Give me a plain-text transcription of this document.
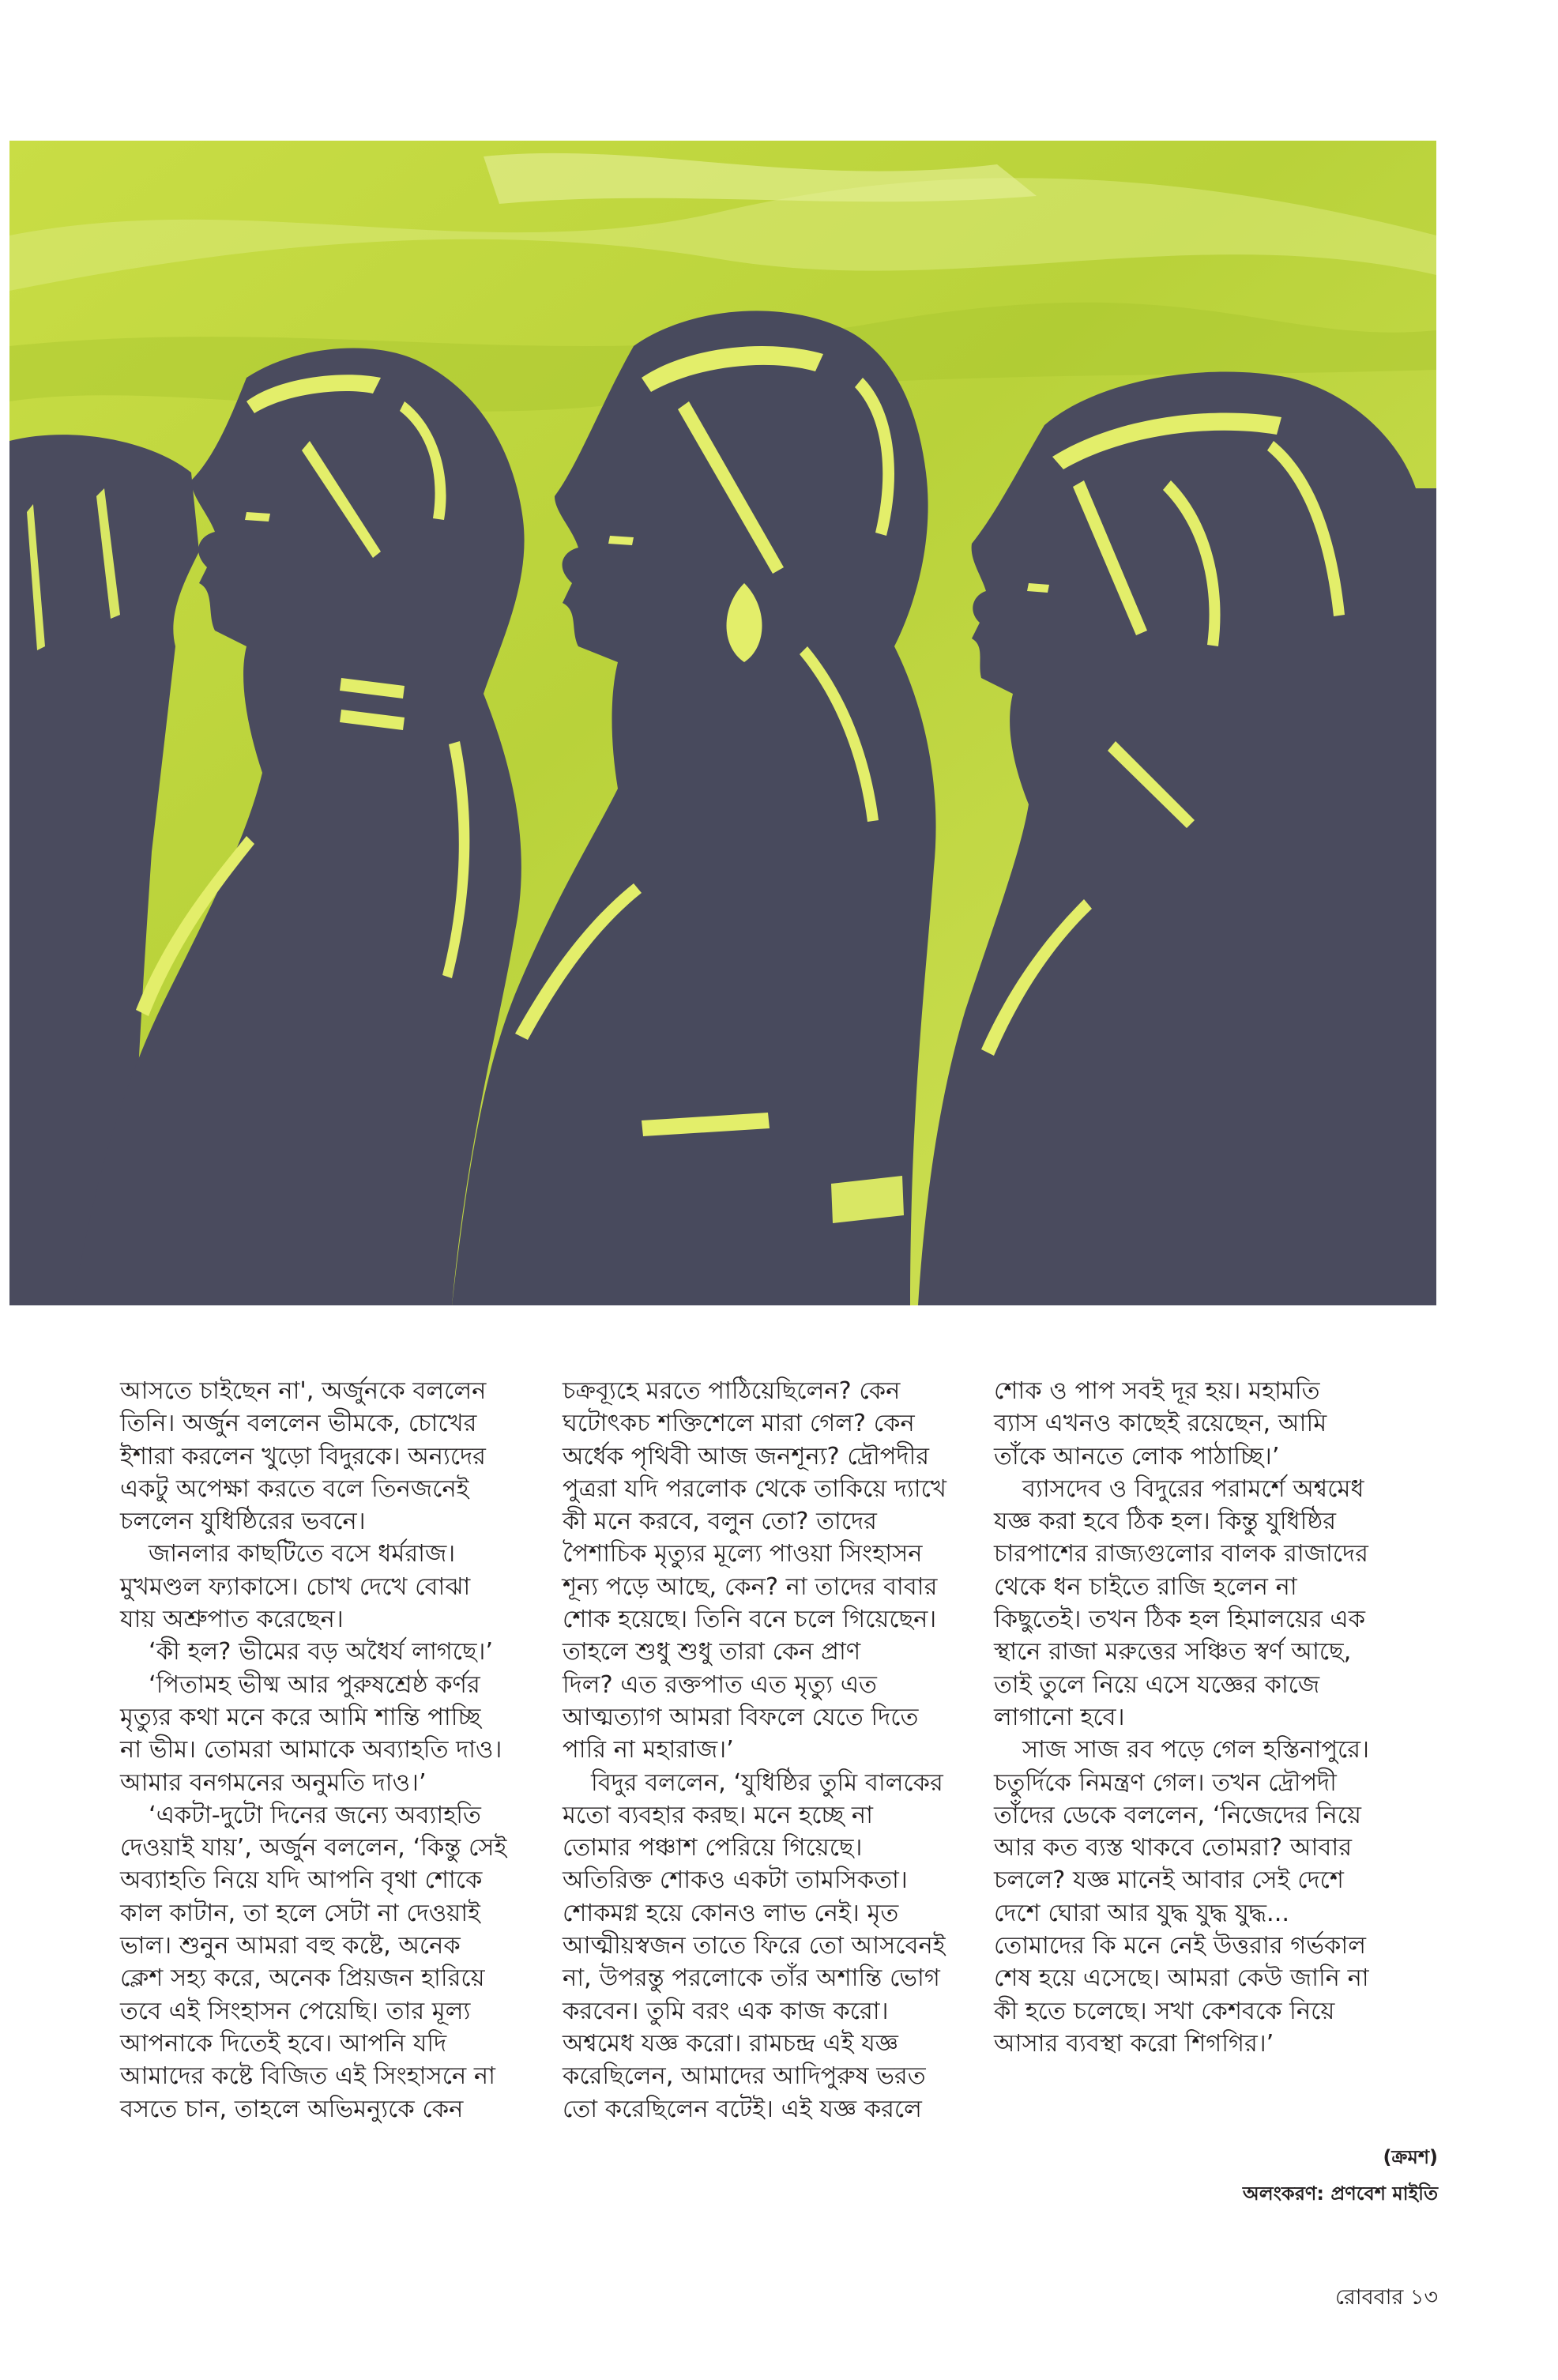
আসতে চাইছেন না', অর্জুনকে বললেন
তিনি। অর্জুন বললেন ভীমকে, চোখের
ইশারা করলেন খুড়ো বিদুরকে। অন্যদের
একটু অপেক্ষা করতে বলে তিনজনেই
চললেন যুধিষ্ঠিরের ভবনে।
জানলার কাছটিতে বসে ধর্মরাজ।
মুখমণ্ডল ফ্যাকাসে। চোখ দেখে বোঝা
যায় অশ্রুপাত করেছেন।
‘কী হল? ভীমের বড় অধৈর্য লাগছে।’
‘পিতামহ ভীষ্ম আর পুরুষশ্রেষ্ঠ কর্ণর
মৃত্যুর কথা মনে করে আমি শান্তি পাচ্ছি
না ভীম। তোমরা আমাকে অব্যাহতি দাও।
আমার বনগমনের অনুমতি দাও।’
‘একটা-দুটো দিনের জন্যে অব্যাহতি
দেওয়াই যায়’, অর্জুন বললেন, ‘কিন্তু সেই
অব্যাহতি নিয়ে যদি আপনি বৃথা শোকে
কাল কাটান, তা হলে সেটা না দেওয়াই
ভাল। শুনুন আমরা বহু কষ্টে, অনেক
ক্লেশ সহ্য করে, অনেক প্রিয়জন হারিয়ে
তবে এই সিংহাসন পেয়েছি। তার মূল্য
আপনাকে দিতেই হবে। আপনি যদি
আমাদের কষ্টে বিজিত এই সিংহাসনে না
বসতে চান, তাহলে অভিমন্যুকে কেন
চক্রব্যূহে মরতে পাঠিয়েছিলেন? কেন
ঘটোৎকচ শক্তিশেলে মারা গেল? কেন
অর্ধেক পৃথিবী আজ জনশূন্য? দ্রৌপদীর
পুত্ররা যদি পরলোক থেকে তাকিয়ে দ্যাখে
কী মনে করবে, বলুন তো? তাদের
পৈশাচিক মৃত্যুর মূল্যে পাওয়া সিংহাসন
শূন্য পড়ে আছে, কেন? না তাদের বাবার
শোক হয়েছে। তিনি বনে চলে গিয়েছেন।
তাহলে শুধু শুধু তারা কেন প্রাণ
দিল? এত রক্তপাত এত মৃত্যু এত
আত্মত্যাগ আমরা বিফলে যেতে দিতে
পারি না মহারাজ।’
বিদুর বললেন, ‘যুধিষ্ঠির তুমি বালকের
মতো ব্যবহার করছ। মনে হচ্ছে না
তোমার পঞ্চাশ পেরিয়ে গিয়েছে।
অতিরিক্ত শোকও একটা তামসিকতা।
শোকমগ্ন হয়ে কোনও লাভ নেই। মৃত
আত্মীয়স্বজন তাতে ফিরে তো আসবেনই
না, উপরন্তু পরলোকে তাঁর অশান্তি ভোগ
করবেন। তুমি বরং এক কাজ করো।
অশ্বমেধ যজ্ঞ করো। রামচন্দ্র এই যজ্ঞ
করেছিলেন, আমাদের আদিপুরুষ ভরত
তো করেছিলেন বটেই। এই যজ্ঞ করলে
শোক ও পাপ সবই দূর হয়। মহামতি
ব্যাস এখনও কাছেই রয়েছেন, আমি
তাঁকে আনতে লোক পাঠাচ্ছি।’
ব্যাসদেব ও বিদুরের পরামর্শে অশ্বমেধ
যজ্ঞ করা হবে ঠিক হল। কিন্তু যুধিষ্ঠির
চারপাশের রাজ্যগুলোর বালক রাজাদের
থেকে ধন চাইতে রাজি হলেন না
কিছুতেই। তখন ঠিক হল হিমালয়ের এক
স্থানে রাজা মরুত্তের সঞ্চিত স্বর্ণ আছে,
তাই তুলে নিয়ে এসে যজ্ঞের কাজে
লাগানো হবে।
সাজ সাজ রব পড়ে গেল হস্তিনাপুরে।
চতুর্দিকে নিমন্ত্রণ গেল। তখন দ্রৌপদী
তাঁদের ডেকে বললেন, ‘নিজেদের নিয়ে
আর কত ব্যস্ত থাকবে তোমরা? আবার
চললে? যজ্ঞ মানেই আবার সেই দেশে
দেশে ঘোরা আর যুদ্ধ যুদ্ধ যুদ্ধ...
তোমাদের কি মনে নেই উত্তরার গর্ভকাল
শেষ হয়ে এসেছে। আমরা কেউ জানি না
কী হতে চলেছে। সখা কেশবকে নিয়ে
আসার ব্যবস্থা করো শিগগির।’
(ক্রমশ)
অলংকরণ: প্রণবেশ মাইতি
রোববার ১৩
